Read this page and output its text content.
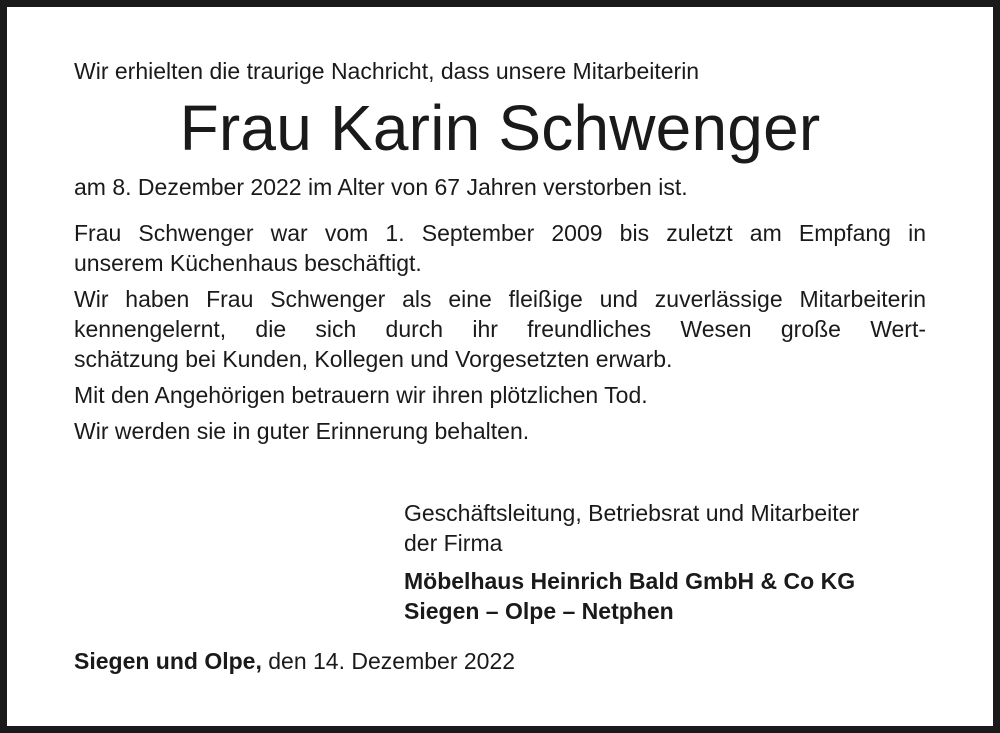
Wir erhielten die traurige Nachricht, dass unsere Mitarbeiterin

Frau Karin Schwenger

am 8. Dezember 2022 im Alter von 67 Jahren verstorben ist.

Frau Schwenger war vom 1. September 2009 bis zuletzt am Empfang in
unserem Küchenhaus beschäftigt.
Wir haben Frau Schwenger als eine fleißige und zuverlässige Mitarbeiterin
kennengelernt, die sich durch ihr freundliches Wesen große Wert-
schätzung bei Kunden, Kollegen und Vorgesetzten erwarb.

Mit den Angehörigen betrauern wir ihren plötzlichen Tod.

Wir werden sie in guter Erinnerung behalten.

Geschäftsleitung, Betriebsrat und Mitarbeiter

der Firma

Möbelhaus Heinrich Bald GmbH & Co KG

Siegen – Olpe – Netphen

Siegen und Olpe, den 14. Dezember 2022
